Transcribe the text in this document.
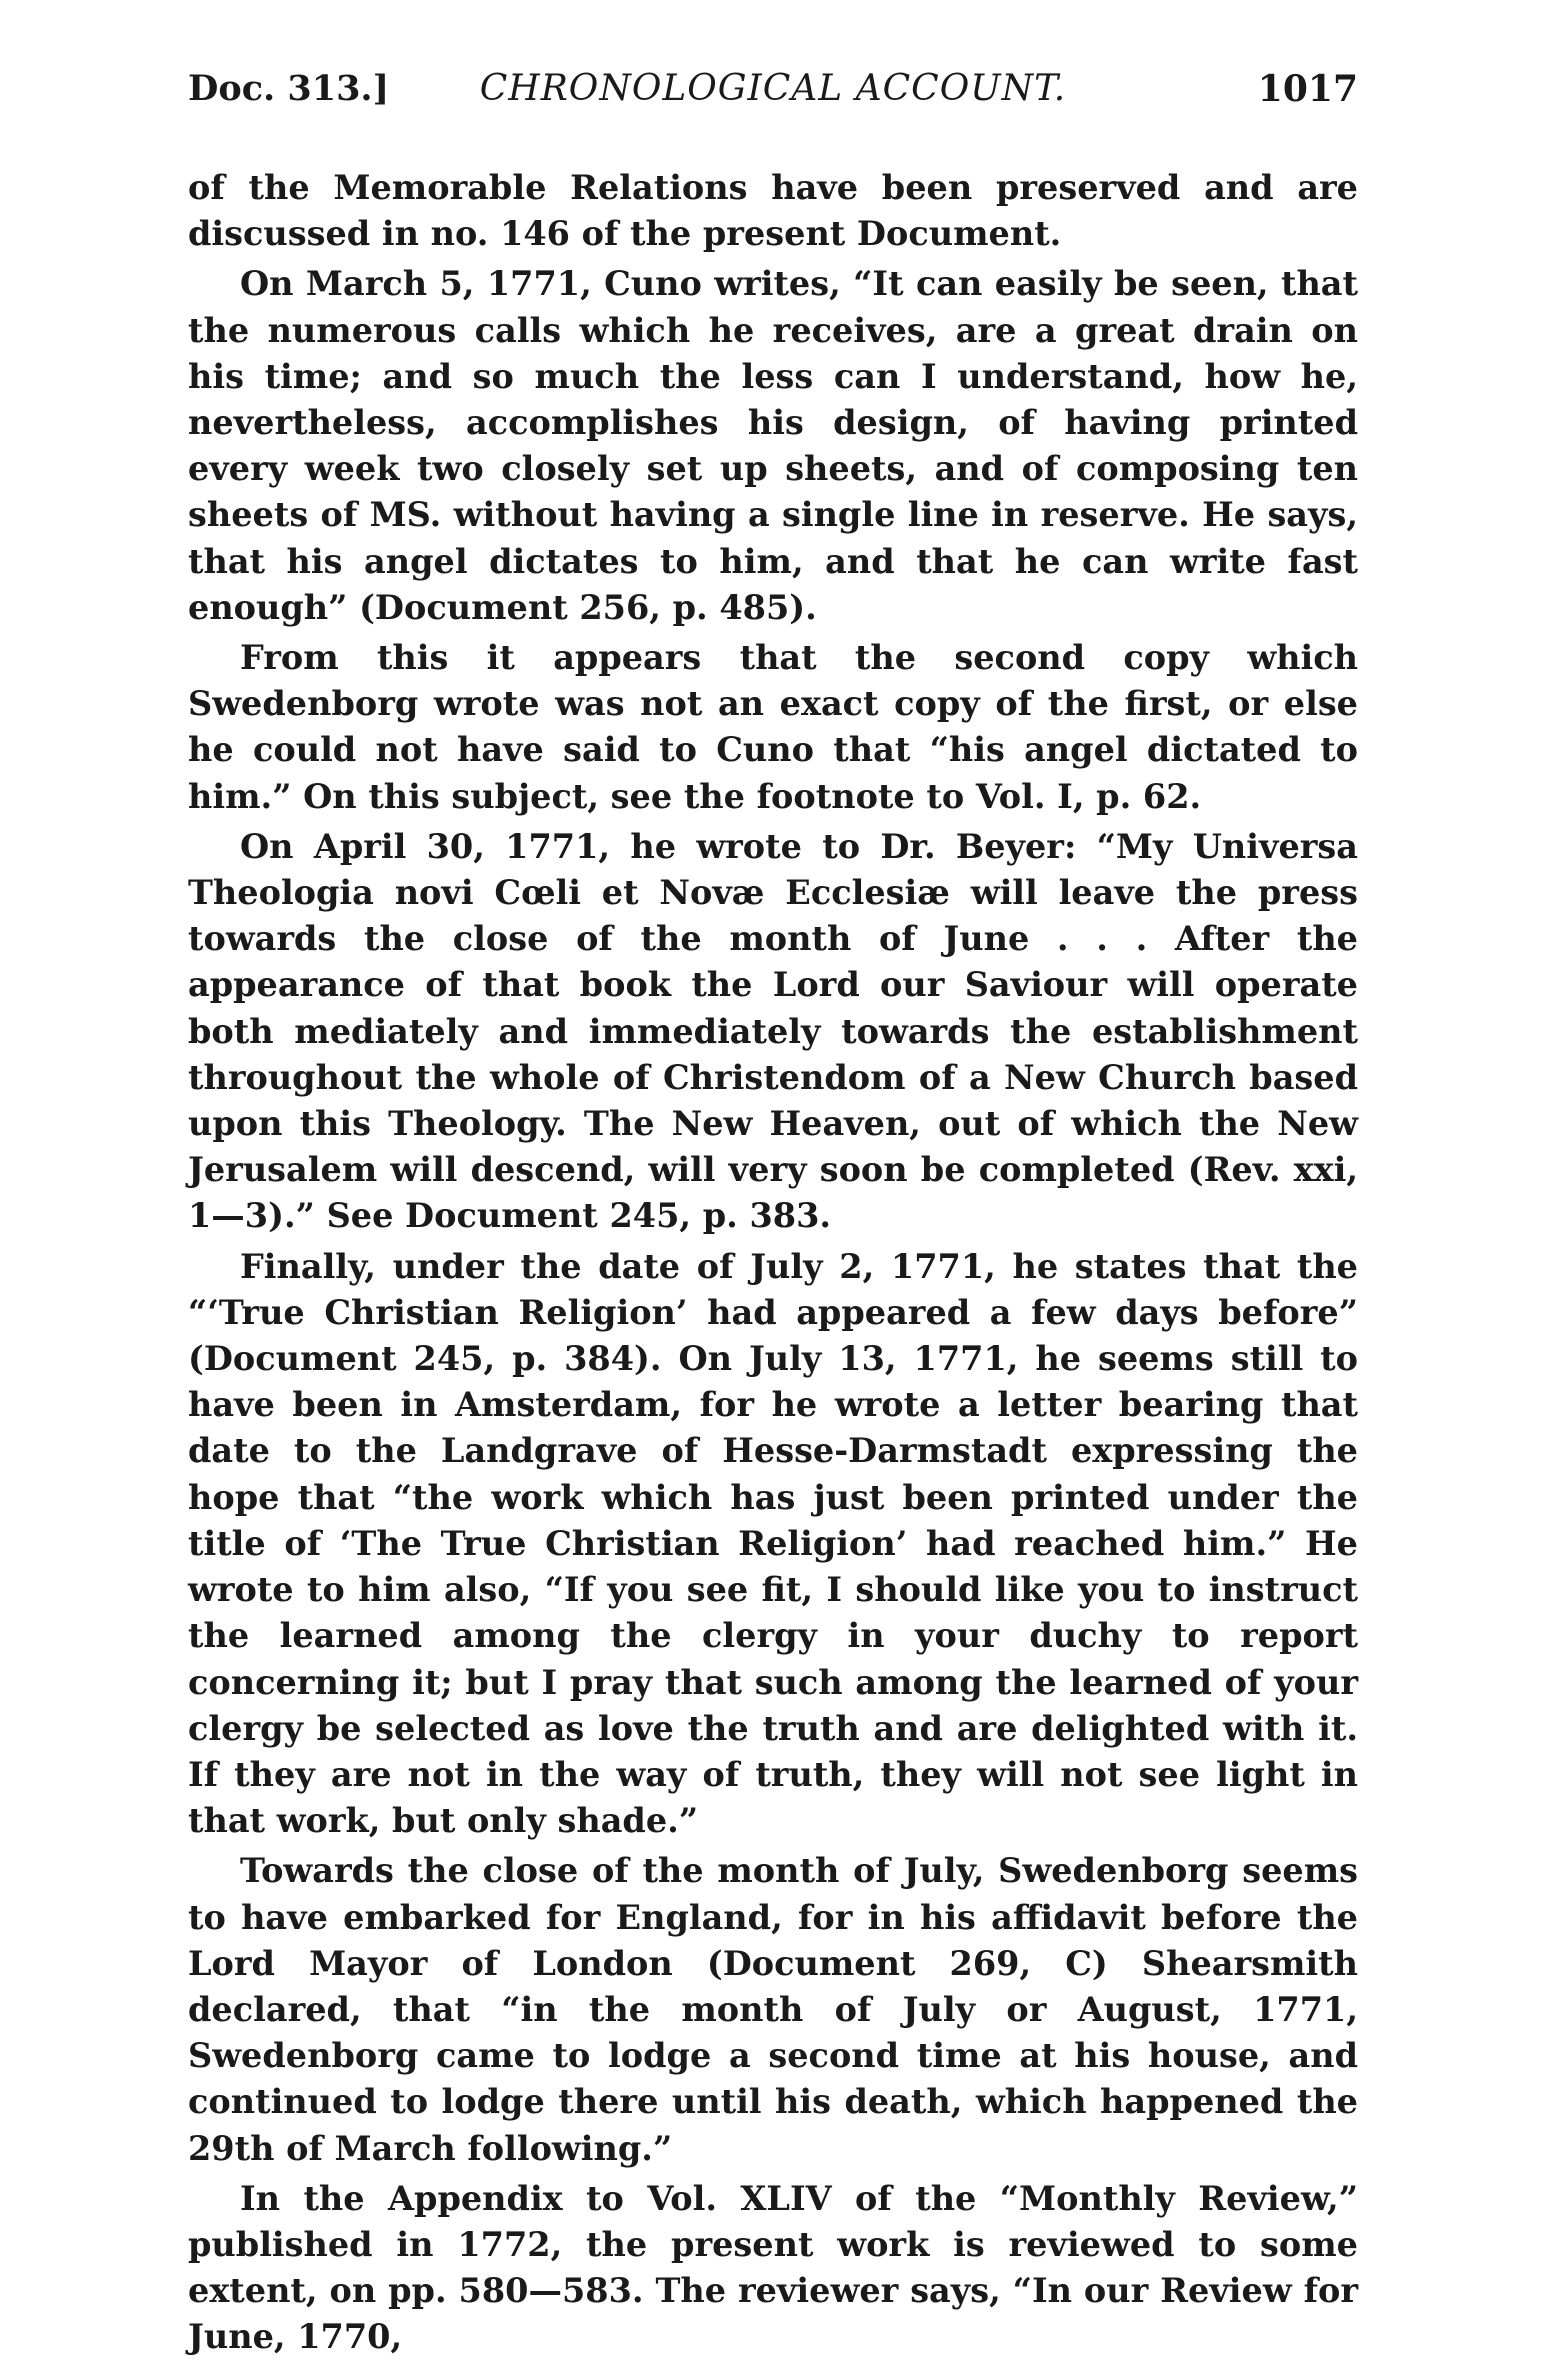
Doc. 313.]	CHRONOLOGICAL ACCOUNT.	1017

of the Memorable Relations have been preserved and are discussed in no. 146 of the present Document.

On March 5, 1771, Cuno writes, “It can easily be seen, that the numerous calls which he receives, are a great drain on his time; and so much the less can I understand, how he, nevertheless, accomplishes his design, of having printed every week two closely set up sheets, and of composing ten sheets of MS. without having a single line in reserve. He says, that his angel dictates to him, and that he can write fast enough” (Document 256, p. 485).

From this it appears that the second copy which Swedenborg wrote was not an exact copy of the first, or else he could not have said to Cuno that “his angel dictated to him.” On this subject, see the footnote to Vol. I, p. 62.

On April 30, 1771, he wrote to Dr. Beyer: “My Universa Theologia novi Cœli et Novæ Ecclesiæ will leave the press towards the close of the month of June . . . After the appearance of that book the Lord our Saviour will operate both mediately and immediately towards the establishment throughout the whole of Christendom of a New Church based upon this Theology. The New Heaven, out of which the New Jerusalem will descend, will very soon be completed (Rev. xxi, 1—3).” See Document 245, p. 383.

Finally, under the date of July 2, 1771, he states that the “‘True Christian Religion’ had appeared a few days before” (Document 245, p. 384). On July 13, 1771, he seems still to have been in Amsterdam, for he wrote a letter bearing that date to the Landgrave of Hesse-Darmstadt expressing the hope that “the work which has just been printed under the title of ‘The True Christian Religion’ had reached him.” He wrote to him also, “If you see fit, I should like you to instruct the learned among the clergy in your duchy to report concerning it; but I pray that such among the learned of your clergy be selected as love the truth and are delighted with it. If they are not in the way of truth, they will not see light in that work, but only shade.”

Towards the close of the month of July, Swedenborg seems to have embarked for England, for in his affidavit before the Lord Mayor of London (Document 269, C) Shearsmith declared, that “in the month of July or August, 1771, Swedenborg came to lodge a second time at his house, and continued to lodge there until his death, which happened the 29th of March following.”

In the Appendix to Vol. XLIV of the “Monthly Review,” published in 1772, the present work is reviewed to some extent, on pp. 580—583. The reviewer says, “In our Review for June, 1770,
